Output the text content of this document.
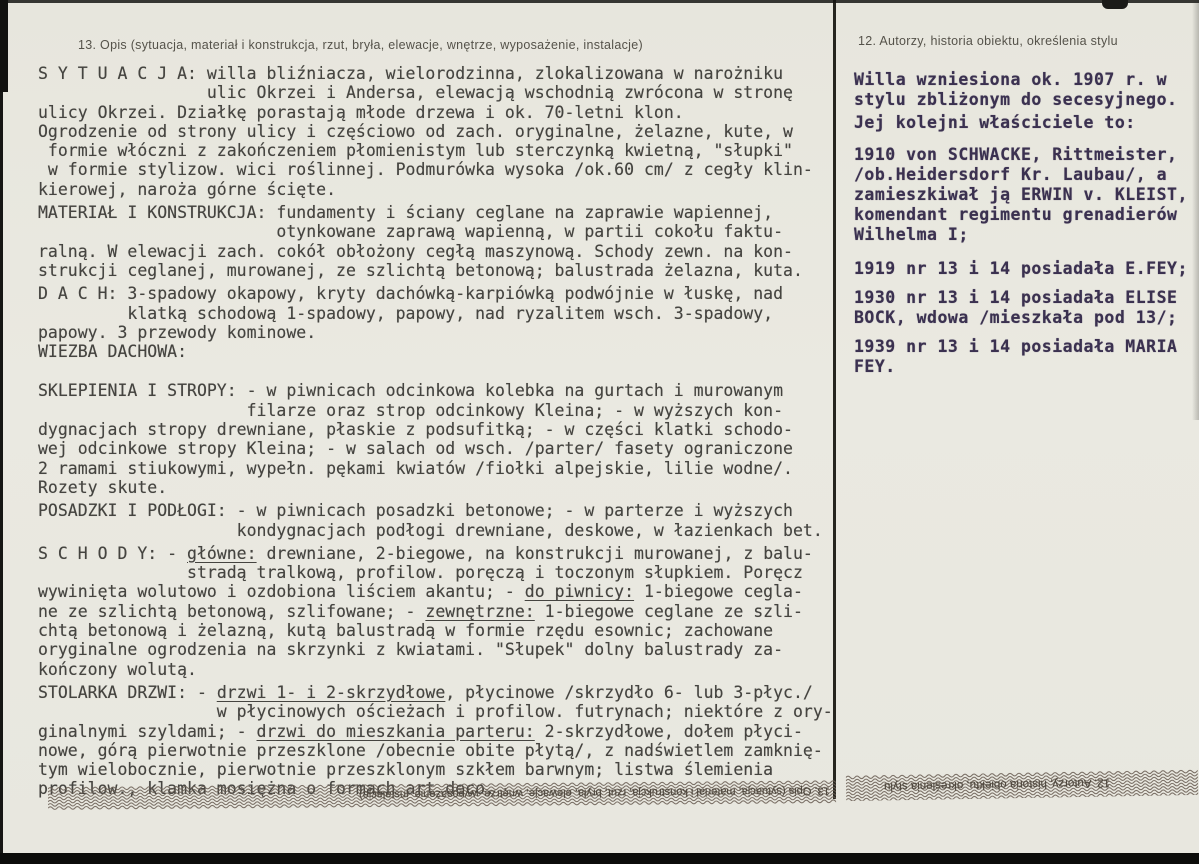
13. Opis (sytuacja, materiał i konstrukcja, rzut, bryła, elewacje, wnętrze, wyposażenie, instalacje)
S Y T U A C J A: willa bliźniacza, wielorodzinna, zlokalizowana w narożniku
ulic Okrzei i Andersa, elewacją wschodnią zwrócona w stronę
ulicy Okrzei. Działkę porastają młode drzewa i ok. 70-letni klon.
Ogrodzenie od strony ulicy i częściowo od zach. oryginalne, żelazne, kute, w
formie włóczni z zakończeniem płomienistym lub sterczynką kwietną, "słupki"
w formie stylizow. wici roślinnej. Podmurówka wysoka /ok.60 cm/ z cegły klin-
kierowej, naroża górne ścięte.
MATERIAŁ I KONSTRUKCJA: fundamenty i ściany ceglane na zaprawie wapiennej,
otynkowane zaprawą wapienną, w partii cokołu faktu-
ralną. W elewacji zach. cokół obłożony cegłą maszynową. Schody zewn. na kon-
strukcji ceglanej, murowanej, ze szlichtą betonową; balustrada żelazna, kuta.
D A C H: 3-spadowy okapowy, kryty dachówką-karpiówką podwójnie w łuskę, nad
klatką schodową 1-spadowy, papowy, nad ryzalitem wsch. 3-spadowy,
papowy. 3 przewody kominowe.
WIEZBA DACHOWA:
SKLEPIENIA I STROPY: - w piwnicach odcinkowa kolebka na gurtach i murowanym
filarze oraz strop odcinkowy Kleina; - w wyższych kon-
dygnacjach stropy drewniane, płaskie z podsufitką; - w części klatki schodo-
wej odcinkowe stropy Kleina; - w salach od wsch. /parter/ fasety ograniczone
2 ramami stiukowymi, wypełn. pękami kwiatów /fiołki alpejskie, lilie wodne/.
Rozety skute.
POSADZKI I PODŁOGI: - w piwnicach posadzki betonowe; - w parterze i wyższych
kondygnacjach podłogi drewniane, deskowe, w łazienkach bet.
S C H O D Y: - główne: drewniane, 2-biegowe, na konstrukcji murowanej, z balu-
stradą tralkową, profilow. poręczą i toczonym słupkiem. Poręcz
wywinięta wolutowo i ozdobiona liściem akantu; - do piwnicy: 1-biegowe cegla-
ne ze szlichtą betonową, szlifowane; - zewnętrzne: 1-biegowe ceglane ze szli-
chtą betonową i żelazną, kutą balustradą w formie rzędu esownic; zachowane
oryginalne ogrodzenia na skrzynki z kwiatami. "Słupek" dolny balustrady za-
kończony wolutą.
STOLARKA DRZWI: - drzwi 1- i 2-skrzydłowe, płycinowe /skrzydło 6- lub 3-płyc./
w płycinowych ościeżach i profilow. futrynach; niektóre z ory-
ginalnymi szyldami; - drzwi do mieszkania parteru: 2-skrzydłowe, dołem płyci-
nowe, górą pierwotnie przeszklone /obecnie obite płytą/, z nadświetlem zamknię-
tym wielobocznie, pierwotnie przeszklonym szkłem barwnym; listwa ślemienia
profilow., klamka mosiężna o formach art deco.
12. Autorzy, historia obiektu, określenia stylu
Willa wzniesiona ok. 1907 r. w
stylu zbliżonym do secesyjnego.
Jej kolejni właściciele to:
1910 von SCHWACKE, Rittmeister,
/ob.Heidersdorf Kr. Laubau/, a
zamieszkiwał ją ERWIN v. KLEIST,
komendant regimentu grenadierów
Wilhelma I;
1919 nr 13 i 14 posiadała E.FEY;
1930 nr 13 i 14 posiadała ELISE
BOCK, wdowa /mieszkała pod 13/;
1939 nr 13 i 14 posiadała MARIA
FEY.
13. Opis (sytuacja, materiał i konstrukcja, rzut, bryła, elewacje, wnętrze, wyposażenie, instalacje)
12. Autorzy, historia obiektu, określenia stylu
